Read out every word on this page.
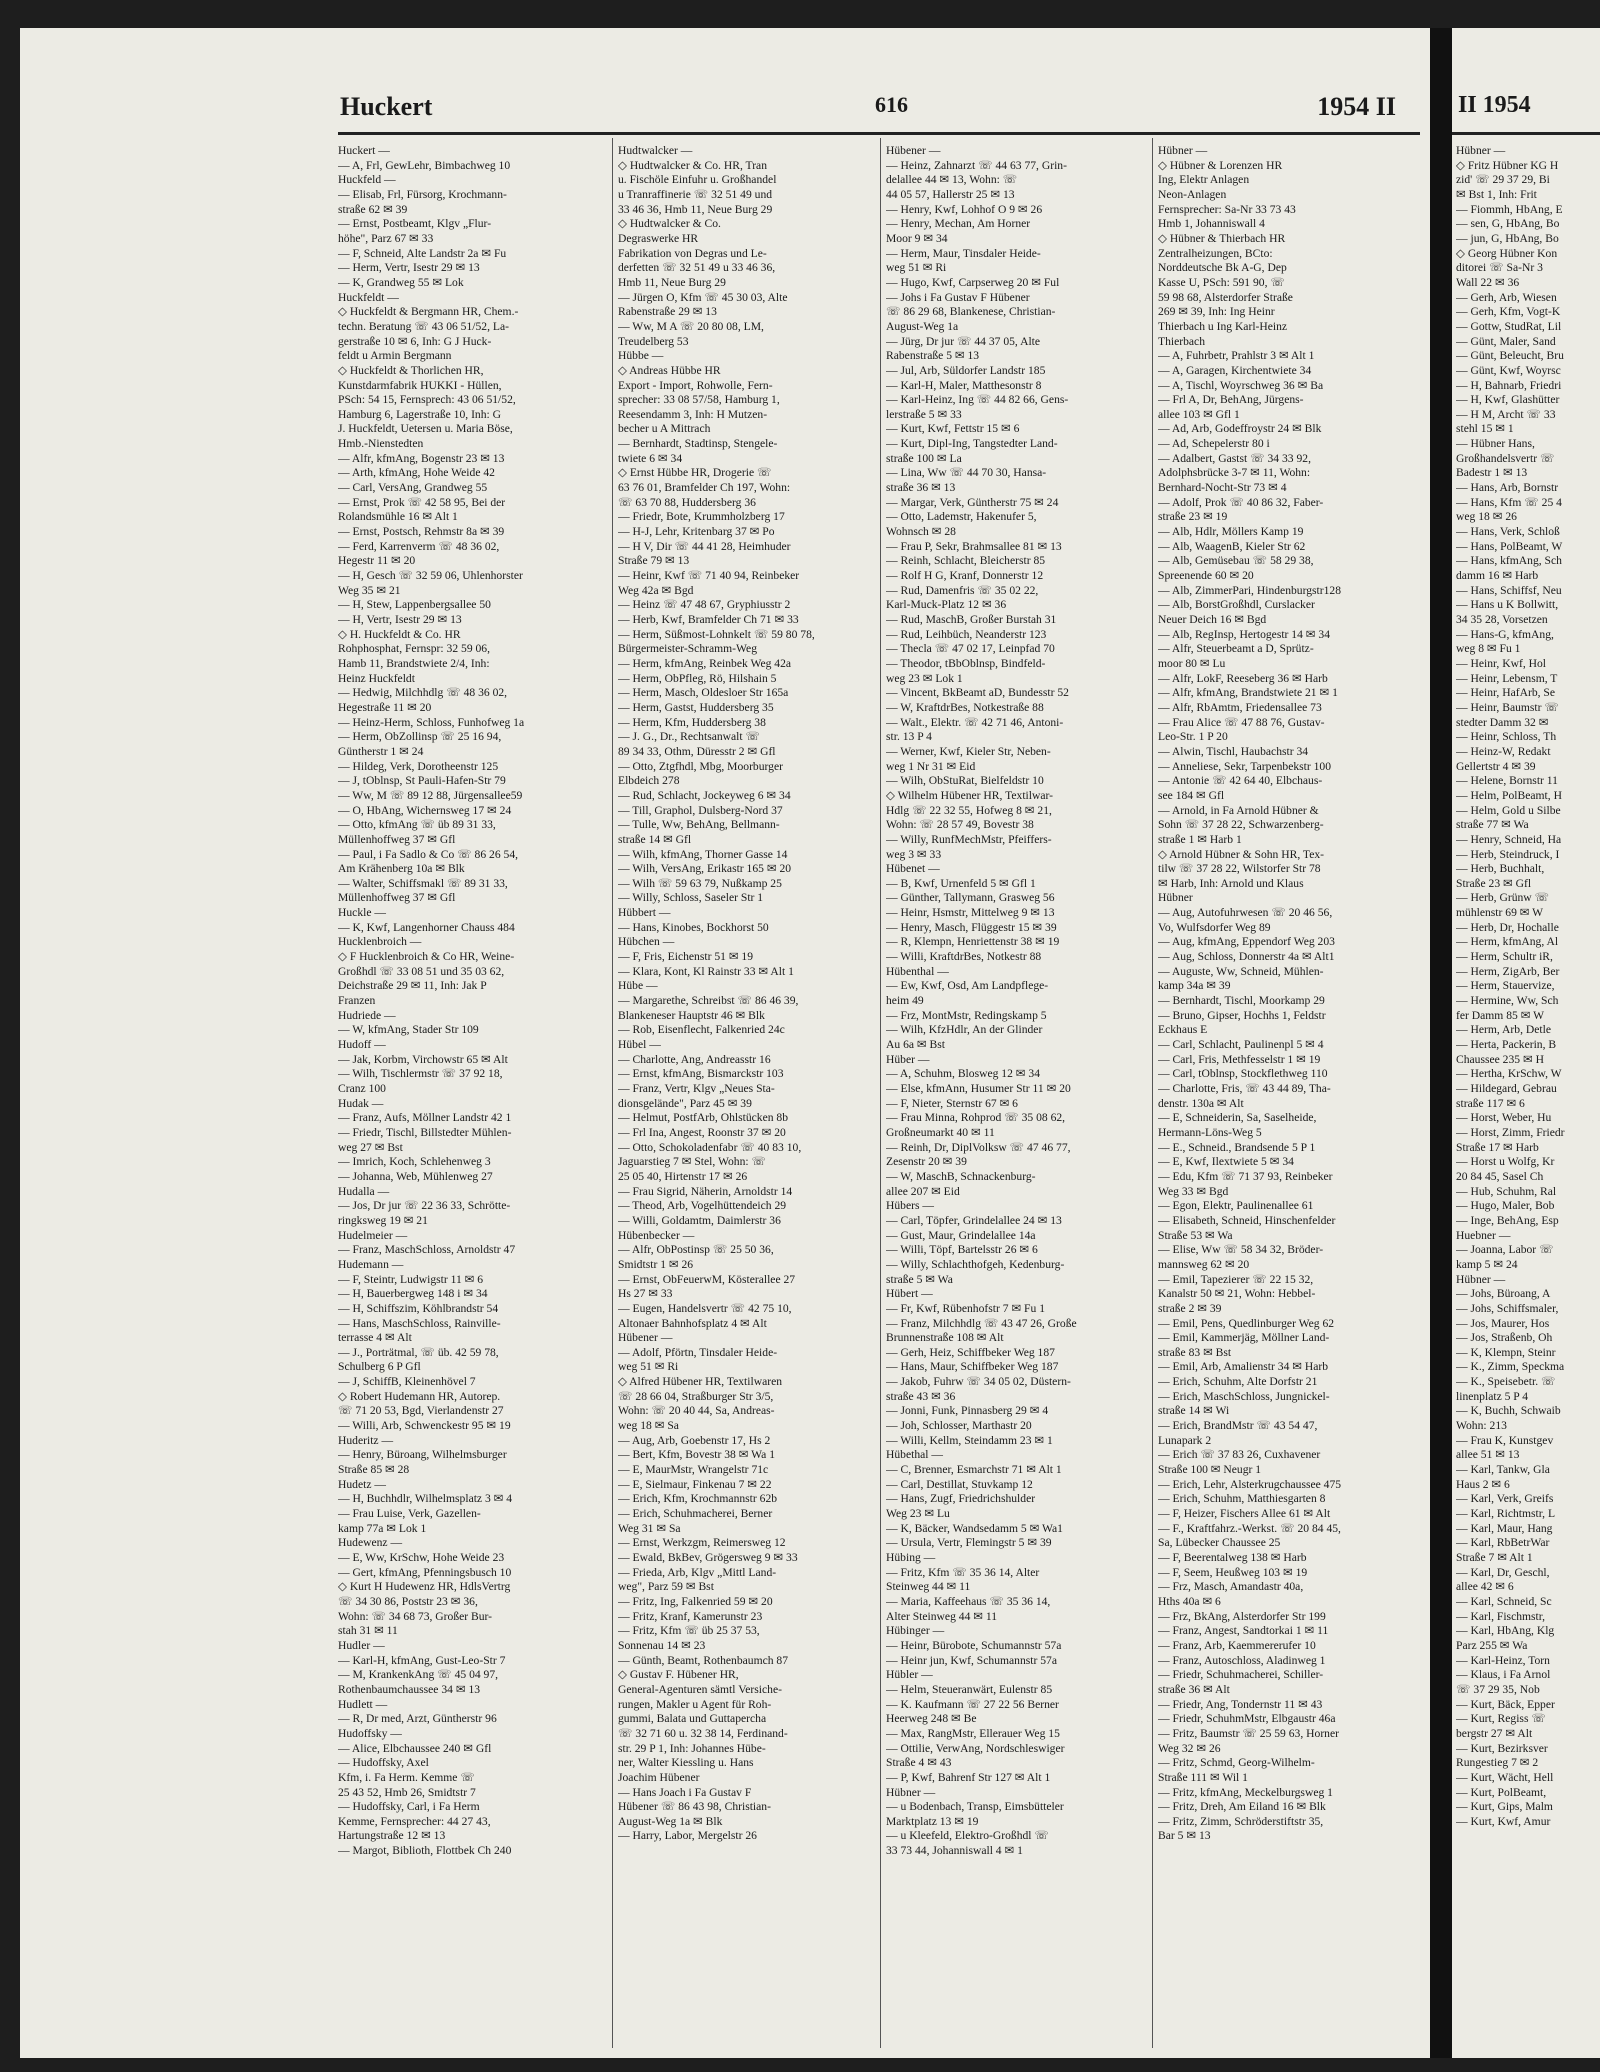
Huckert	616	1954 II
Huckert —
— A, Frl, GewLehr, Bimbachweg 10
Huckfeld —
— Elisab, Frl, Fürsorg, Krochmann-
straße 62 ✉ 39
— Ernst, Postbeamt, Klgv „Flur-
höhe", Parz 67 ✉ 33
— F, Schneid, Alte Landstr 2a ✉ Fu
— Herm, Vertr, Isestr 29 ✉ 13
— K, Grandweg 55 ✉ Lok
Huckfeldt —
◇ Huckfeldt & Bergmann HR, Chem.-
techn. Beratung ☏ 43 06 51/52, La-
gerstraße 10 ✉ 6, Inh: G J Huck-
feldt u Armin Bergmann
◇ Huckfeldt & Thorlichen HR,
Kunstdarmfabrik HUKKI - Hüllen,
PSch: 54 15, Fernsprech: 43 06 51/52,
Hamburg 6, Lagerstraße 10, Inh: G
J. Huckfeldt, Uetersen u. Maria Böse,
Hmb.-Nienstedten
— Alfr, kfmAng, Bogenstr 23 ✉ 13
— Arth, kfmAng, Hohe Weide 42
— Carl, VersAng, Grandweg 55
— Ernst, Prok ☏ 42 58 95, Bei der
Rolandsmühle 16 ✉ Alt 1
— Ernst, Postsch, Rehmstr 8a ✉ 39
— Ferd, Karrenverm ☏ 48 36 02,
Hegestr 11 ✉ 20
— H, Gesch ☏ 32 59 06, Uhlenhorster
Weg 35 ✉ 21
— H, Stew, Lappenbergsallee 50
— H, Vertr, Isestr 29 ✉ 13
◇ H. Huckfeldt & Co. HR
Rohphosphat, Fernspr: 32 59 06,
Hamb 11, Brandstwiete 2/4, Inh:
Heinz Huckfeldt
— Hedwig, Milchhdlg ☏ 48 36 02,
Hegestraße 11 ✉ 20
— Heinz-Herm, Schloss, Funhofweg 1a
— Herm, ObZollinsp ☏ 25 16 94,
Güntherstr 1 ✉ 24
— Hildeg, Verk, Dorotheenstr 125
— J, tOblnsp, St Pauli-Hafen-Str 79
— Ww, M ☏ 89 12 88, Jürgensallee59
— O, HbAng, Wichernsweg 17 ✉ 24
— Otto, kfmAng ☏ üb 89 31 33,
Müllenhoffweg 37 ✉ Gfl
— Paul, i Fa Sadlo & Co ☏ 86 26 54,
Am Krähenberg 10a ✉ Blk
— Walter, Schiffsmakl ☏ 89 31 33,
Müllenhoffweg 37 ✉ Gfl
Huckle —
— K, Kwf, Langenhorner Chauss 484
Hucklenbroich —
◇ F Hucklenbroich & Co HR, Weine-
Großhdl ☏ 33 08 51 und 35 03 62,
Deichstraße 29 ✉ 11, Inh: Jak P
Franzen
Hudriede —
— W, kfmAng, Stader Str 109
Hudoff —
— Jak, Korbm, Virchowstr 65 ✉ Alt
— Wilh, Tischlermstr ☏ 37 92 18,
Cranz 100
Hudak —
— Franz, Aufs, Möllner Landstr 42 1
— Friedr, Tischl, Billstedter Mühlen-
weg 27 ✉ Bst
— Imrich, Koch, Schlehenweg 3
— Johanna, Web, Mühlenweg 27
Hudalla —
— Jos, Dr jur ☏ 22 36 33, Schrötte-
ringksweg 19 ✉ 21
Hudelmeier —
— Franz, MaschSchloss, Arnoldstr 47
Hudemann —
— F, Steintr, Ludwigstr 11 ✉ 6
— H, Bauerbergweg 148 i ✉ 34
— H, Schiffszim, Köhlbrandstr 54
— Hans, MaschSchloss, Rainville-
terrasse 4 ✉ Alt
— J., Porträtmal, ☏ üb. 42 59 78,
Schulberg 6 P Gfl
— J, SchiffB, Kleinenhövel 7
◇ Robert Hudemann HR, Autorep.
☏ 71 20 53, Bgd, Vierlandenstr 27
— Willi, Arb, Schwenckestr 95 ✉ 19
Huderitz —
— Henry, Büroang, Wilhelmsburger
Straße 85 ✉ 28
Hudetz —
— H, Buchhdlr, Wilhelmsplatz 3 ✉ 4
— Frau Luise, Verk, Gazellen-
kamp 77a ✉ Lok 1
Hudewenz —
— E, Ww, KrSchw, Hohe Weide 23
— Gert, kfmAng, Pfenningsbusch 10
◇ Kurt H Hudewenz HR, HdlsVertrg
☏ 34 30 86, Poststr 23 ✉ 36,
Wohn: ☏ 34 68 73, Großer Bur-
stah 31 ✉ 11
Hudler —
— Karl-H, kfmAng, Gust-Leo-Str 7
— M, KrankenkAng ☏ 45 04 97,
Rothenbaumchaussee 34 ✉ 13
Hudlett —
— R, Dr med, Arzt, Güntherstr 96
Hudoffsky —
— Alice, Elbchaussee 240 ✉ Gfl
— Hudoffsky, Axel
Kfm, i. Fa Herm. Kemme ☏
25 43 52, Hmb 26, Smidtstr 7
— Hudoffsky, Carl, i Fa Herm
Kemme, Fernsprecher: 44 27 43,
Hartungstraße 12 ✉ 13
— Margot, Biblioth, Flottbek Ch 240
Hudtwalcker —
◇ Hudtwalcker & Co. HR, Tran
u. Fischöle Einfuhr u. Großhandel
u Tranraffinerie ☏ 32 51 49 und
33 46 36, Hmb 11, Neue Burg 29
◇ Hudtwalcker & Co.
Degraswerke HR
Fabrikation von Degras und Le-
derfetten ☏ 32 51 49 u 33 46 36,
Hmb 11, Neue Burg 29
— Jürgen O, Kfm ☏ 45 30 03, Alte
Rabenstraße 29 ✉ 13
— Ww, M A ☏ 20 80 08, LM,
Treudelberg 53
Hübbe —
◇ Andreas Hübbe HR
Export - Import, Rohwolle, Fern-
sprecher: 33 08 57/58, Hamburg 1,
Reesendamm 3, Inh: H Mutzen-
becher u A Mittrach
— Bernhardt, Stadtinsp, Stengele-
twiete 6 ✉ 34
◇ Ernst Hübbe HR, Drogerie ☏
63 76 01, Bramfelder Ch 197, Wohn:
☏ 63 70 88, Huddersberg 36
— Friedr, Bote, Krummholzberg 17
— H-J, Lehr, Kritenbarg 37 ✉ Po
— H V, Dir ☏ 44 41 28, Heimhuder
Straße 79 ✉ 13
— Heinr, Kwf ☏ 71 40 94, Reinbeker
Weg 42a ✉ Bgd
— Heinz ☏ 47 48 67, Gryphiusstr 2
— Herb, Kwf, Bramfelder Ch 71 ✉ 33
— Herm, Süßmost-Lohnkelt ☏ 59 80 78,
Bürgermeister-Schramm-Weg
— Herm, kfmAng, Reinbek Weg 42a
— Herm, ObPfleg, Rö, Hilshain 5
— Herm, Masch, Oldesloer Str 165a
— Herm, Gastst, Huddersberg 35
— Herm, Kfm, Huddersberg 38
— J. G., Dr., Rechtsanwalt ☏
89 34 33, Othm, Düresstr 2 ✉ Gfl
— Otto, Ztgfhdl, Mbg, Moorburger
Elbdeich 278
— Rud, Schlacht, Jockeyweg 6 ✉ 34
— Till, Graphol, Dulsberg-Nord 37
— Tulle, Ww, BehAng, Bellmann-
straße 14 ✉ Gfl
— Wilh, kfmAng, Thorner Gasse 14
— Wilh, VersAng, Erikastr 165 ✉ 20
— Wilh ☏ 59 63 79, Nußkamp 25
— Willy, Schloss, Saseler Str 1
Hübbert —
— Hans, Kinobes, Bockhorst 50
Hübchen —
— F, Fris, Eichenstr 51 ✉ 19
— Klara, Kont, Kl Rainstr 33 ✉ Alt 1
Hübe —
— Margarethe, Schreibst ☏ 86 46 39,
Blankeneser Hauptstr 46 ✉ Blk
— Rob, Eisenflecht, Falkenried 24c
Hübel —
— Charlotte, Ang, Andreasstr 16
— Ernst, kfmAng, Bismarckstr 103
— Franz, Vertr, Klgv „Neues Sta-
dionsgelände", Parz 45 ✉ 39
— Helmut, PostfArb, Ohlstücken 8b
— Frl Ina, Angest, Roonstr 37 ✉ 20
— Otto, Schokoladenfabr ☏ 40 83 10,
Jaguarstieg 7 ✉ Stel, Wohn: ☏
25 05 40, Hirtenstr 17 ✉ 26
— Frau Sigrid, Näherin, Arnoldstr 14
— Theod, Arb, Vogelhüttendeich 29
— Willi, Goldamtm, Daimlerstr 36
Hübenbecker —
— Alfr, ObPostinsp ☏ 25 50 36,
Smidtstr 1 ✉ 26
— Ernst, ObFeuerwM, Kösterallee 27
Hs 27 ✉ 33
— Eugen, Handelsvertr ☏ 42 75 10,
Altonaer Bahnhofsplatz 4 ✉ Alt
Hübener —
— Adolf, Pförtn, Tinsdaler Heide-
weg 51 ✉ Ri
◇ Alfred Hübener HR, Textilwaren
☏ 28 66 04, Straßburger Str 3/5,
Wohn: ☏ 20 40 44, Sa, Andreas-
weg 18 ✉ Sa
— Aug, Arb, Goebenstr 17, Hs 2
— Bert, Kfm, Bovestr 38 ✉ Wa 1
— E, MaurMstr, Wrangelstr 71c
— E, Sielmaur, Finkenau 7 ✉ 22
— Erich, Kfm, Krochmannstr 62b
— Erich, Schuhmacherei, Berner
Weg 31 ✉ Sa
— Ernst, Werkzgm, Reimersweg 12
— Ewald, BkBev, Grögersweg 9 ✉ 33
— Frieda, Arb, Klgv „Mittl Land-
weg", Parz 59 ✉ Bst
— Fritz, Ing, Falkenried 59 ✉ 20
— Fritz, Kranf, Kamerunstr 23
— Fritz, Kfm ☏ üb 25 37 53,
Sonnenau 14 ✉ 23
— Günth, Beamt, Rothenbaumch 87
◇ Gustav F. Hübener HR,
General-Agenturen sämtl Versiche-
rungen, Makler u Agent für Roh-
gummi, Balata und Guttapercha
☏ 32 71 60 u. 32 38 14, Ferdinand-
str. 29 P 1, Inh: Johannes Hübe-
ner, Walter Kiessling u. Hans
Joachim Hübener
— Hans Joach i Fa Gustav F
Hübener ☏ 86 43 98, Christian-
August-Weg 1a ✉ Blk
— Harry, Labor, Mergelstr 26
Hübener —
— Heinz, Zahnarzt ☏ 44 63 77, Grin-
delallee 44 ✉ 13, Wohn: ☏
44 05 57, Hallerstr 25 ✉ 13
— Henry, Kwf, Lohhof O 9 ✉ 26
— Henry, Mechan, Am Horner
Moor 9 ✉ 34
— Herm, Maur, Tinsdaler Heide-
weg 51 ✉ Ri
— Hugo, Kwf, Carpserweg 20 ✉ Ful
— Johs i Fa Gustav F Hübener
☏ 86 29 68, Blankenese, Christian-
August-Weg 1a
— Jürg, Dr jur ☏ 44 37 05, Alte
Rabenstraße 5 ✉ 13
— Jul, Arb, Süldorfer Landstr 185
— Karl-H, Maler, Matthesonstr 8
— Karl-Heinz, Ing ☏ 44 82 66, Gens-
lerstraße 5 ✉ 33
— Kurt, Kwf, Fettstr 15 ✉ 6
— Kurt, Dipl-Ing, Tangstedter Land-
straße 100 ✉ La
— Lina, Ww ☏ 44 70 30, Hansa-
straße 36 ✉ 13
— Margar, Verk, Güntherstr 75 ✉ 24
— Otto, Lademstr, Hakenufer 5,
Wohnsch ✉ 28
— Frau P, Sekr, Brahmsallee 81 ✉ 13
— Reinh, Schlacht, Bleicherstr 85
— Rolf H G, Kranf, Donnerstr 12
— Rud, Damenfris ☏ 35 02 22,
Karl-Muck-Platz 12 ✉ 36
— Rud, MaschB, Großer Burstah 31
— Rud, Leihbüch, Neanderstr 123
— Thecla ☏ 47 02 17, Leinpfad 70
— Theodor, tBbOblnsp, Bindfeld-
weg 23 ✉ Lok 1
— Vincent, BkBeamt aD, Bundesstr 52
— W, KraftdrBes, Notkestraße 88
— Walt., Elektr. ☏ 42 71 46, Antoni-
str. 13 P 4
— Werner, Kwf, Kieler Str, Neben-
weg 1 Nr 31 ✉ Eid
— Wilh, ObStuRat, Bielfeldstr 10
◇ Wilhelm Hübener HR, Textilwar-
Hdlg ☏ 22 32 55, Hofweg 8 ✉ 21,
Wohn: ☏ 28 57 49, Bovestr 38
— Willy, RunfMechMstr, Pfeiffers-
weg 3 ✉ 33
Hübenet —
— B, Kwf, Urnenfeld 5 ✉ Gfl 1
— Günther, Tallymann, Grasweg 56
— Heinr, Hsmstr, Mittelweg 9 ✉ 13
— Henry, Masch, Flüggestr 15 ✉ 39
— R, Klempn, Henriettenstr 38 ✉ 19
— Willi, KraftdrBes, Notkestr 88
Hübenthal —
— Ew, Kwf, Osd, Am Landpflege-
heim 49
— Frz, MontMstr, Redingskamp 5
— Wilh, KfzHdlr, An der Glinder
Au 6a ✉ Bst
Hüber —
— A, Schuhm, Blosweg 12 ✉ 34
— Else, kfmAnn, Husumer Str 11 ✉ 20
— F, Nieter, Sternstr 67 ✉ 6
— Frau Minna, Rohprod ☏ 35 08 62,
Großneumarkt 40 ✉ 11
— Reinh, Dr, DiplVolksw ☏ 47 46 77,
Zesenstr 20 ✉ 39
— W, MaschB, Schnackenburg-
allee 207 ✉ Eid
Hübers —
— Carl, Töpfer, Grindelallee 24 ✉ 13
— Gust, Maur, Grindelallee 14a
— Willi, Töpf, Bartelsstr 26 ✉ 6
— Willy, Schlachthofgeh, Kedenburg-
straße 5 ✉ Wa
Hübert —
— Fr, Kwf, Rübenhofstr 7 ✉ Fu 1
— Franz, Milchhdlg ☏ 43 47 26, Große
Brunnenstraße 108 ✉ Alt
— Gerh, Heiz, Schiffbeker Weg 187
— Hans, Maur, Schiffbeker Weg 187
— Jakob, Fuhrw ☏ 34 05 02, Düstern-
straße 43 ✉ 36
— Jonni, Funk, Pinnasberg 29 ✉ 4
— Joh, Schlosser, Marthastr 20
— Willi, Kellm, Steindamm 23 ✉ 1
Hübethal —
— C, Brenner, Esmarchstr 71 ✉ Alt 1
— Carl, Destillat, Stuvkamp 12
— Hans, Zugf, Friedrichshulder
Weg 23 ✉ Lu
— K, Bäcker, Wandsedamm 5 ✉ Wa1
— Ursula, Vertr, Flemingstr 5 ✉ 39
Hübing —
— Fritz, Kfm ☏ 35 36 14, Alter
Steinweg 44 ✉ 11
— Maria, Kaffeehaus ☏ 35 36 14,
Alter Steinweg 44 ✉ 11
Hübinger —
— Heinr, Bürobote, Schumannstr 57a
— Heinr jun, Kwf, Schumannstr 57a
Hübler —
— Helm, Steueranwärt, Eulenstr 85
— K. Kaufmann ☏ 27 22 56 Berner
Heerweg 248 ✉ Be
— Max, RangMstr, Ellerauer Weg 15
— Ottilie, VerwAng, Nordschleswiger
Straße 4 ✉ 43
— P, Kwf, Bahrenf Str 127 ✉ Alt 1
Hübner —
— u Bodenbach, Transp, Eimsbütteler
Marktplatz 13 ✉ 19
— u Kleefeld, Elektro-Großhdl ☏
33 73 44, Johanniswall 4 ✉ 1
Hübner —
◇ Hübner & Lorenzen HR
Ing, Elektr Anlagen
Neon-Anlagen
Fernsprecher: Sa-Nr 33 73 43
Hmb 1, Johanniswall 4
◇ Hübner & Thierbach HR
Zentralheizungen, BCto:
Norddeutsche Bk A-G, Dep
Kasse U, PSch: 591 90, ☏
59 98 68, Alsterdorfer Straße
269 ✉ 39, Inh: Ing Heinr
Thierbach u Ing Karl-Heinz
Thierbach
— A, Fuhrbetr, Prahlstr 3 ✉ Alt 1
— A, Garagen, Kirchentwiete 34
— A, Tischl, Woyrschweg 36 ✉ Ba
— Frl A, Dr, BehAng, Jürgens-
allee 103 ✉ Gfl 1
— Ad, Arb, Godeffroystr 24 ✉ Blk
— Ad, Schepelerstr 80 i
— Adalbert, Gastst ☏ 34 33 92,
Adolphsbrücke 3-7 ✉ 11, Wohn:
Bernhard-Nocht-Str 73 ✉ 4
— Adolf, Prok ☏ 40 86 32, Faber-
straße 23 ✉ 19
— Alb, Hdlr, Möllers Kamp 19
— Alb, WaagenB, Kieler Str 62
— Alb, Gemüsebau ☏ 58 29 38,
Spreenende 60 ✉ 20
— Alb, ZimmerPari, Hindenburgstr128
— Alb, BorstGroßhdl, Curslacker
Neuer Deich 16 ✉ Bgd
— Alb, RegInsp, Hertogestr 14 ✉ 34
— Alfr, Steuerbeamt a D, Sprütz-
moor 80 ✉ Lu
— Alfr, LokF, Reeseberg 36 ✉ Harb
— Alfr, kfmAng, Brandstwiete 21 ✉ 1
— Alfr, RbAmtm, Friedensallee 73
— Frau Alice ☏ 47 88 76, Gustav-
Leo-Str. 1 P 20
— Alwin, Tischl, Haubachstr 34
— Anneliese, Sekr, Tarpenbekstr 100
— Antonie ☏ 42 64 40, Elbchaus-
see 184 ✉ Gfl
— Arnold, in Fa Arnold Hübner &
Sohn ☏ 37 28 22, Schwarzenberg-
straße 1 ✉ Harb 1
◇ Arnold Hübner & Sohn HR, Tex-
tilw ☏ 37 28 22, Wilstorfer Str 78
✉ Harb, Inh: Arnold und Klaus
Hübner
— Aug, Autofuhrwesen ☏ 20 46 56,
Vo, Wulfsdorfer Weg 89
— Aug, kfmAng, Eppendorf Weg 203
— Aug, Schloss, Donnerstr 4a ✉ Alt1
— Auguste, Ww, Schneid, Mühlen-
kamp 34a ✉ 39
— Bernhardt, Tischl, Moorkamp 29
— Bruno, Gipser, Hochhs 1, Feldstr
Eckhaus E
— Carl, Schlacht, Paulinenpl 5 ✉ 4
— Carl, Fris, Methfesselstr 1 ✉ 19
— Carl, tOblnsp, Stockflethweg 110
— Charlotte, Fris, ☏ 43 44 89, Tha-
denstr. 130a ✉ Alt
— E, Schneiderin, Sa, Saselheide,
Hermann-Löns-Weg 5
— E., Schneid., Brandsende 5 P 1
— E, Kwf, Ilextwiete 5 ✉ 34
— Edu, Kfm ☏ 71 37 93, Reinbeker
Weg 33 ✉ Bgd
— Egon, Elektr, Paulinenallee 61
— Elisabeth, Schneid, Hinschenfelder
Straße 53 ✉ Wa
— Elise, Ww ☏ 58 34 32, Bröder-
mannsweg 62 ✉ 20
— Emil, Tapezierer ☏ 22 15 32,
Kanalstr 50 ✉ 21, Wohn: Hebbel-
straße 2 ✉ 39
— Emil, Pens, Quedlinburger Weg 62
— Emil, Kammerjäg, Möllner Land-
straße 83 ✉ Bst
— Emil, Arb, Amalienstr 34 ✉ Harb
— Erich, Schuhm, Alte Dorfstr 21
— Erich, MaschSchloss, Jungnickel-
straße 14 ✉ Wi
— Erich, BrandMstr ☏ 43 54 47,
Lunapark 2
— Erich ☏ 37 83 26, Cuxhavener
Straße 100 ✉ Neugr 1
— Erich, Lehr, Alsterkrugchaussee 475
— Erich, Schuhm, Matthiesgarten 8
— F, Heizer, Fischers Allee 61 ✉ Alt
— F., Kraftfahrz.-Werkst. ☏ 20 84 45,
Sa, Lübecker Chaussee 25
— F, Beerentalweg 138 ✉ Harb
— F, Seem, Heußweg 103 ✉ 19
— Frz, Masch, Amandastr 40a,
Hths 40a ✉ 6
— Frz, BkAng, Alsterdorfer Str 199
— Franz, Angest, Sandtorkai 1 ✉ 11
— Franz, Arb, Kaemmererufer 10
— Franz, Autoschloss, Aladinweg 1
— Friedr, Schuhmacherei, Schiller-
straße 36 ✉ Alt
— Friedr, Ang, Tondernstr 11 ✉ 43
— Friedr, SchuhmMstr, Elbgaustr 46a
— Fritz, Baumstr ☏ 25 59 63, Horner
Weg 32 ✉ 26
— Fritz, Schmd, Georg-Wilhelm-
Straße 111 ✉ Wil 1
— Fritz, kfmAng, Meckelburgsweg 1
— Fritz, Dreh, Am Eiland 16 ✉ Blk
— Fritz, Zimm, Schröderstiftstr 35,
Bar 5 ✉ 13
II 1954
Hübner —
◇ Fritz Hübner KG H
zid' ☏ 29 37 29, Bi
✉ Bst 1, Inh: Frit
— Fiommh, HbAng, E
— sen, G, HbAng, Bo
— jun, G, HbAng, Bo
◇ Georg Hübner Kon
ditorei ☏ Sa-Nr 3
Wall 22 ✉ 36
— Gerh, Arb, Wiesen
— Gerh, Kfm, Vogt-K
— Gottw, StudRat, Lil
— Günt, Maler, Sand
— Günt, Beleucht, Bru
— Günt, Kwf, Woyrsc
— H, Bahnarb, Friedri
— H, Kwf, Glashütter
— H M, Archt ☏ 33
stehl 15 ✉ 1
— Hübner Hans,
Großhandelsvertr ☏
Badestr 1 ✉ 13
— Hans, Arb, Bornstr
— Hans, Kfm ☏ 25 4
weg 18 ✉ 26
— Hans, Verk, Schloß
— Hans, PolBeamt, W
— Hans, kfmAng, Sch
damm 16 ✉ Harb
— Hans, Schiffsf, Neu
— Hans u K Bollwitt,
34 35 28, Vorsetzen
— Hans-G, kfmAng,
weg 8 ✉ Fu 1
— Heinr, Kwf, Hol
— Heinr, Lebensm, T
— Heinr, HafArb, Se
— Heinr, Baumstr ☏
stedter Damm 32 ✉
— Heinr, Schloss, Th
— Heinz-W, Redakt
Gellertstr 4 ✉ 39
— Helene, Bornstr 11
— Helm, PolBeamt, H
— Helm, Gold u Silbe
straße 77 ✉ Wa
— Henry, Schneid, Ha
— Herb, Steindruck, I
— Herb, Buchhalt,
Straße 23 ✉ Gfl
— Herb, Grünw ☏
mühlenstr 69 ✉ W
— Herb, Dr, Hochalle
— Herm, kfmAng, Al
— Herm, Schultr iR,
— Herm, ZigArb, Ber
— Herm, Stauervize,
— Hermine, Ww, Sch
fer Damm 85 ✉ W
— Herm, Arb, Detle
— Herta, Packerin, B
Chaussee 235 ✉ H
— Hertha, KrSchw, W
— Hildegard, Gebrau
straße 117 ✉ 6
— Horst, Weber, Hu
— Horst, Zimm, Friedr
Straße 17 ✉ Harb
— Horst u Wolfg, Kr
20 84 45, Sasel Ch
— Hub, Schuhm, Ral
— Hugo, Maler, Bob
— Inge, BehAng, Esp
Huebner —
— Joanna, Labor ☏
kamp 5 ✉ 24
Hübner —
— Johs, Büroang, A
— Johs, Schiffsmaler,
— Jos, Maurer, Hos
— Jos, Straßenb, Oh
— K, Klempn, Steinr
— K., Zimm, Speckma
— K., Speisebetr. ☏
linenplatz 5 P 4
— K, Buchh, Schwaib
Wohn: 213
— Frau K, Kunstgev
allee 51 ✉ 13
— Karl, Tankw, Gla
Haus 2 ✉ 6
— Karl, Verk, Greifs
— Karl, Richtmstr, L
— Karl, Maur, Hang
— Karl, RbBetrWar
Straße 7 ✉ Alt 1
— Karl, Dr, Geschl,
allee 42 ✉ 6
— Karl, Schneid, Sc
— Karl, Fischmstr,
— Karl, HbAng, Klg
Parz 255 ✉ Wa
— Karl-Heinz, Torn
— Klaus, i Fa Arnol
☏ 37 29 35, Nob
— Kurt, Bäck, Epper
— Kurt, Regiss ☏
bergstr 27 ✉ Alt
— Kurt, Bezirksver
Rungestieg 7 ✉ 2
— Kurt, Wächt, Hell
— Kurt, PolBeamt,
— Kurt, Gips, Malm
— Kurt, Kwf, Amur
